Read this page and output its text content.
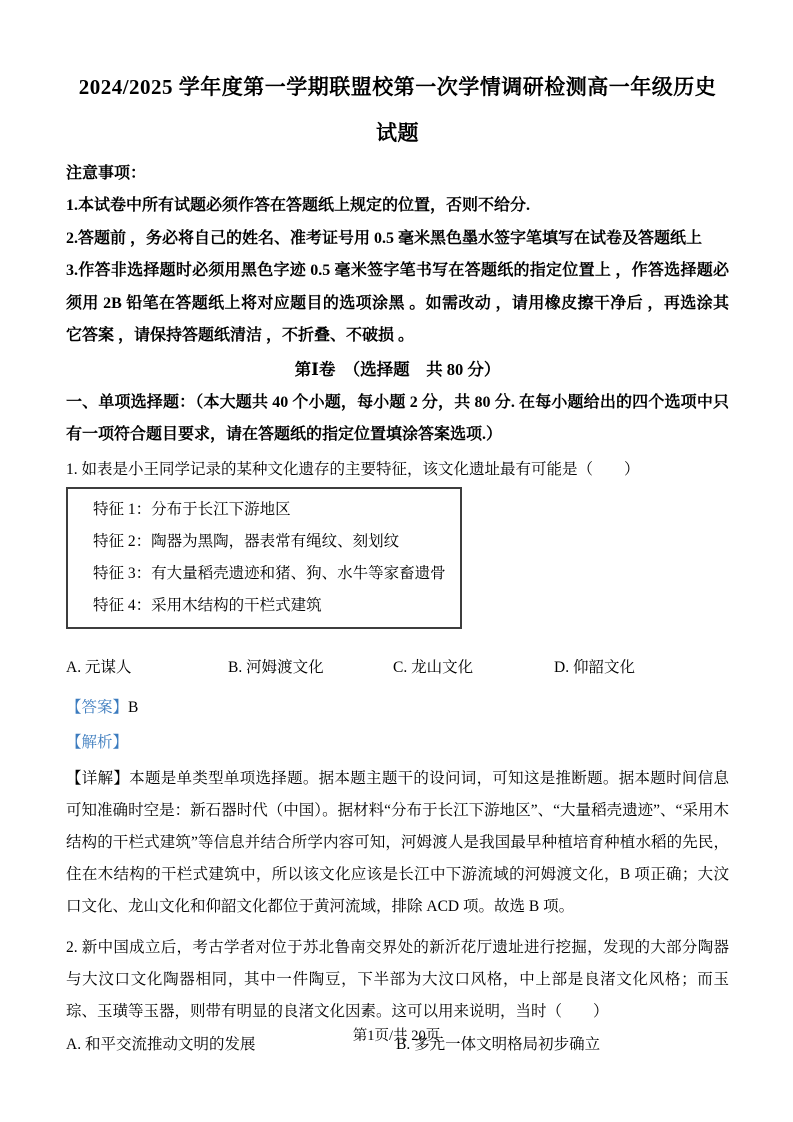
2024/2025 学年度第一学期联盟校第一次学情调研检测高一年级历史
试题
注意事项：

1.本试卷中所有试题必须作答在答题纸上规定的位置，否则不给分.

2.答题前 ，务必将自己的姓名、准考证号用 0.5 毫米黑色墨水签字笔填写在试卷及答题纸上

3.作答非选择题时必须用黑色字迹 0.5 毫米签字笔书写在答题纸的指定位置上 ，作答选择题必须用 2B 铅笔在答题纸上将对应题目的选项涂黑 。如需改动 ，请用橡皮擦干净后 ，再选涂其 它答案 ，请保持答题纸清洁 ，不折叠、不破损 。

第Ⅰ卷　（选择题　共 80 分）

一、单项选择题：（本大题共 40 个小题，每小题 2 分，共 80 分. 在每小题给出的四个选项中只有一项符合题目要求，请在答题纸的指定位置填涂答案选项.）

1. 如表是小王同学记录的某种文化遗存的主要特征，该文化遗址最有可能是（　　）

特征 1：分布于长江下游地区
特征 2：陶器为黑陶，器表常有绳纹、刻划纹
特征 3：有大量稻壳遗迹和猪、狗、水牛等家畜遗骨
特征 4：采用木结构的干栏式建筑
A. 元谋人	B. 河姆渡文化	C. 龙山文化	D. 仰韶文化
【答案】B
【解析】

【详解】本题是单类型单项选择题。据本题主题干的设问词，可知这是推断题。据本题时间信息可知准确时空是：新石器时代（中国）。据材料“分布于长江下游地区”、“大量稻壳遗迹”、“采用木结构的干栏式建筑”等信息并结合所学内容可知，河姆渡人是我国最早种植培育种植水稻的先民，住在木结构的干栏式建筑中，所以该文化应该是长江中下游流域的河姆渡文化，B 项正确；大汶口文化、龙山文化和仰韶文化都位于黄河流域，排除 ACD 项。故选 B 项。

2. 新中国成立后，考古学者对位于苏北鲁南交界处的新沂花厅遗址进行挖掘，发现的大部分陶器与大汶口文化陶器相同，其中一件陶豆，下半部为大汶口风格，中上部是良渚文化风格；而玉琮、玉璜等玉器，则带有明显的良渚文化因素。这可以用来说明，当时（　　）

A. 和平交流推动文明的发展	B. 多元一体文明格局初步确立
第1页/共 20页
